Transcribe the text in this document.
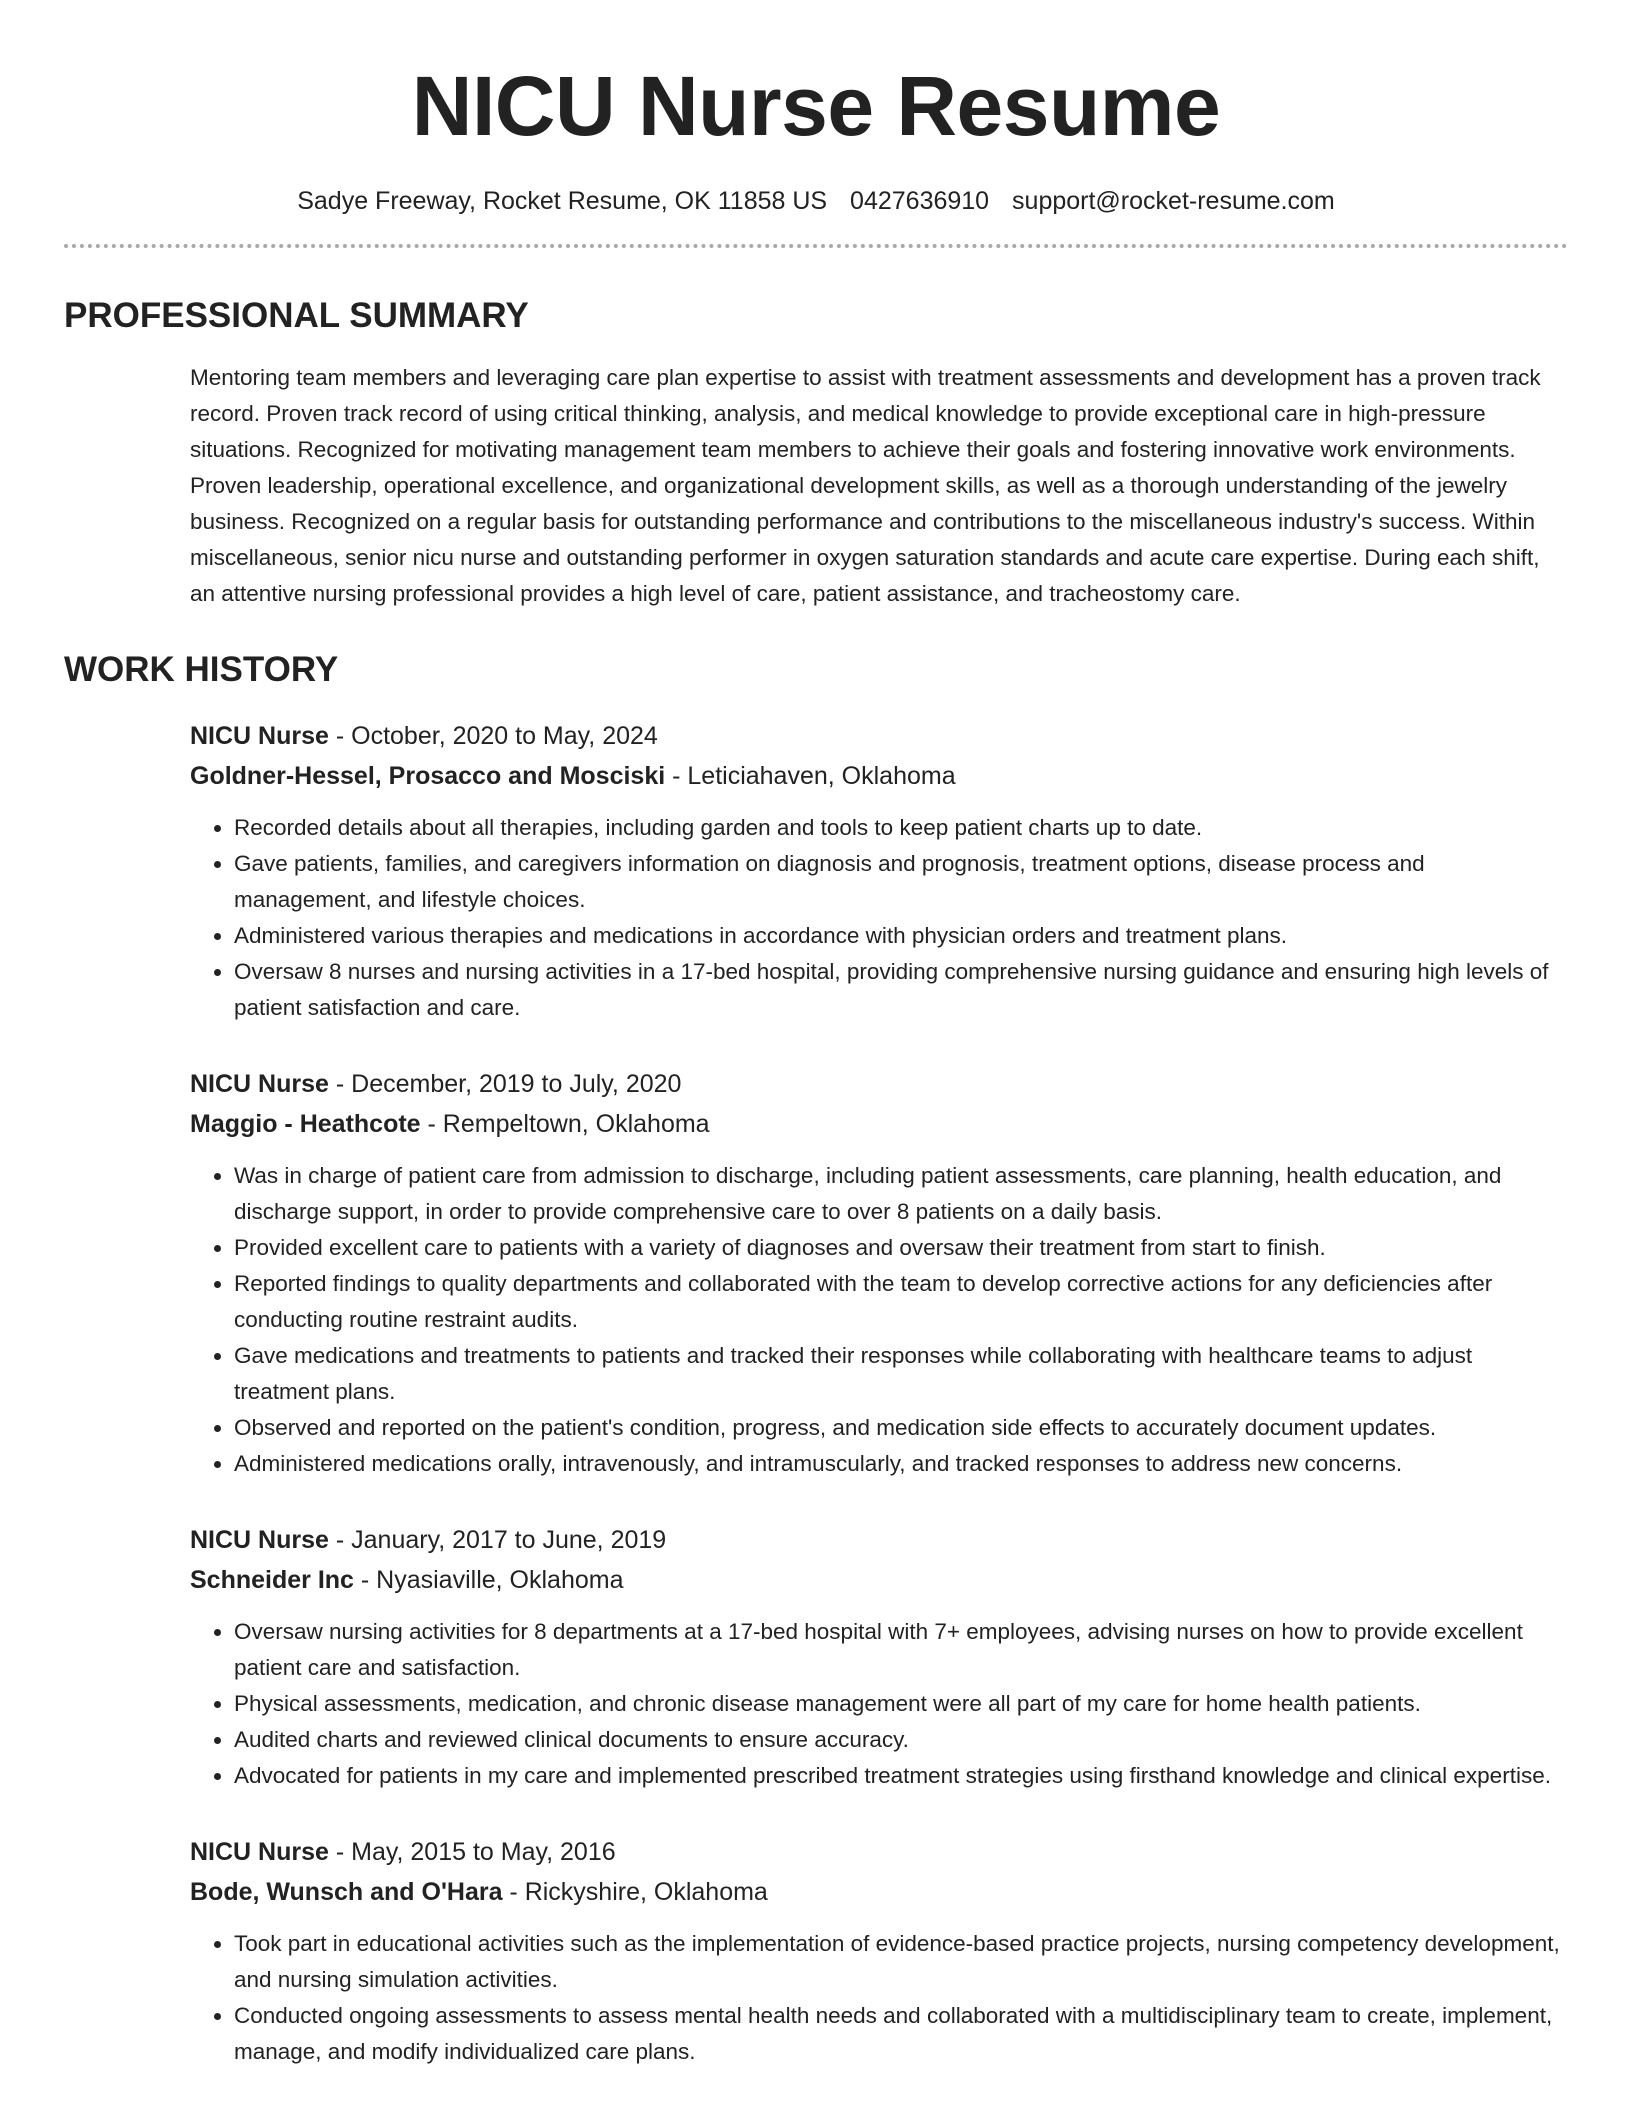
NICU Nurse Resume
Sadye Freeway, Rocket Resume, OK 11858 US 0427636910 support@rocket-resume.com
PROFESSIONAL SUMMARY
Mentoring team members and leveraging care plan expertise to assist with treatment assessments and development has a proven track record. Proven track record of using critical thinking, analysis, and medical knowledge to provide exceptional care in high-pressure situations. Recognized for motivating management team members to achieve their goals and fostering innovative work environments. Proven leadership, operational excellence, and organizational development skills, as well as a thorough understanding of the jewelry business. Recognized on a regular basis for outstanding performance and contributions to the miscellaneous industry's success. Within miscellaneous, senior nicu nurse and outstanding performer in oxygen saturation standards and acute care expertise. During each shift, an attentive nursing professional provides a high level of care, patient assistance, and tracheostomy care.
WORK HISTORY
NICU Nurse - October, 2020 to May, 2024
Goldner-Hessel, Prosacco and Mosciski - Leticiahaven, Oklahoma
• Recorded details about all therapies, including garden and tools to keep patient charts up to date.
• Gave patients, families, and caregivers information on diagnosis and prognosis, treatment options, disease process and management, and lifestyle choices.
• Administered various therapies and medications in accordance with physician orders and treatment plans.
• Oversaw 8 nurses and nursing activities in a 17-bed hospital, providing comprehensive nursing guidance and ensuring high levels of patient satisfaction and care.
NICU Nurse - December, 2019 to July, 2020
Maggio - Heathcote - Rempeltown, Oklahoma
• Was in charge of patient care from admission to discharge, including patient assessments, care planning, health education, and discharge support, in order to provide comprehensive care to over 8 patients on a daily basis.
• Provided excellent care to patients with a variety of diagnoses and oversaw their treatment from start to finish.
• Reported findings to quality departments and collaborated with the team to develop corrective actions for any deficiencies after conducting routine restraint audits.
• Gave medications and treatments to patients and tracked their responses while collaborating with healthcare teams to adjust treatment plans.
• Observed and reported on the patient's condition, progress, and medication side effects to accurately document updates.
• Administered medications orally, intravenously, and intramuscularly, and tracked responses to address new concerns.
NICU Nurse - January, 2017 to June, 2019
Schneider Inc - Nyasiaville, Oklahoma
• Oversaw nursing activities for 8 departments at a 17-bed hospital with 7+ employees, advising nurses on how to provide excellent patient care and satisfaction.
• Physical assessments, medication, and chronic disease management were all part of my care for home health patients.
• Audited charts and reviewed clinical documents to ensure accuracy.
• Advocated for patients in my care and implemented prescribed treatment strategies using firsthand knowledge and clinical expertise.
NICU Nurse - May, 2015 to May, 2016
Bode, Wunsch and O'Hara - Rickyshire, Oklahoma
• Took part in educational activities such as the implementation of evidence-based practice projects, nursing competency development, and nursing simulation activities.
• Conducted ongoing assessments to assess mental health needs and collaborated with a multidisciplinary team to create, implement, manage, and modify individualized care plans.
